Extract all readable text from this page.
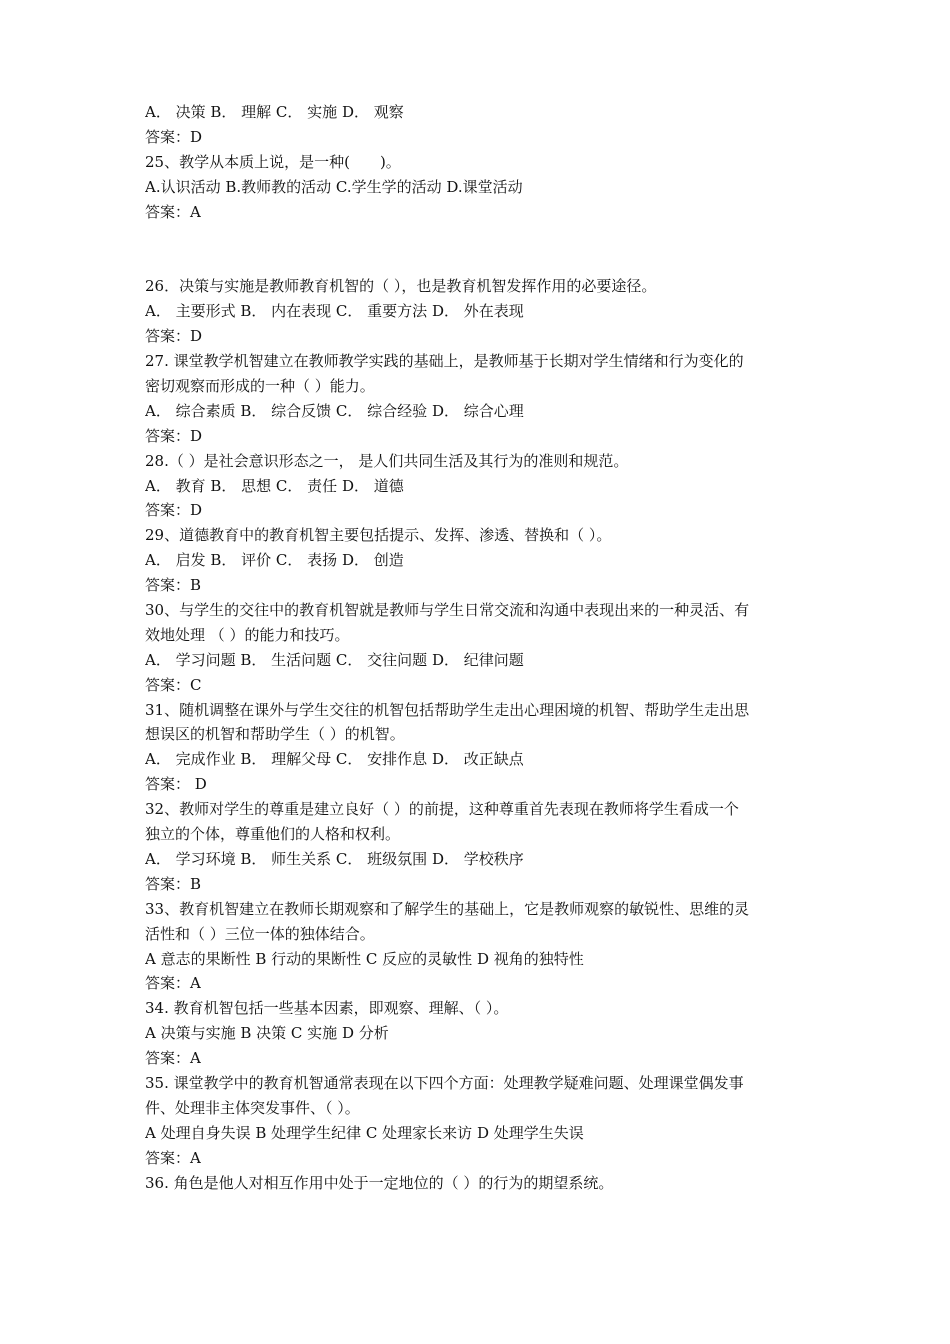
A． 决策 B． 理解 C． 实施 D． 观察
答案：D
25、教学从本质上说，是一种(　　)。
A.认识活动 B.教师教的活动 C.学生学的活动 D.课堂活动
答案：A
26．决策与实施是教师教育机智的（ ），也是教育机智发挥作用的必要途径。
A． 主要形式 B． 内在表现 C． 重要方法 D． 外在表现
答案：D
27. 课堂教学机智建立在教师教学实践的基础上，是教师基于长期对学生情绪和行为变化的
密切观察而形成的一种（ ）能力。
A． 综合素质 B． 综合反馈 C． 综合经验 D． 综合心理
答案：D
28.（ ）是社会意识形态之一， 是人们共同生活及其行为的准则和规范。
A． 教育 B． 思想 C． 责任 D． 道德
答案：D
29、道德教育中的教育机智主要包括提示、发挥、渗透、替换和（ ）。
A． 启发 B． 评价 C． 表扬 D． 创造
答案：B
30、与学生的交往中的教育机智就是教师与学生日常交流和沟通中表现出来的一种灵活、有
效地处理 （ ）的能力和技巧。
A． 学习问题 B． 生活问题 C． 交往问题 D． 纪律问题
答案：C
31、随机调整在课外与学生交往的机智包括帮助学生走出心理困境的机智、帮助学生走出思
想误区的机智和帮助学生（ ）的机智。
A． 完成作业 B． 理解父母 C． 安排作息 D． 改正缺点
答案： D
32、教师对学生的尊重是建立良好（ ）的前提，这种尊重首先表现在教师将学生看成一个
独立的个体，尊重他们的人格和权利。
A． 学习环境 B． 师生关系 C． 班级氛围 D． 学校秩序
答案：B
33、教育机智建立在教师长期观察和了解学生的基础上，它是教师观察的敏锐性、思维的灵
活性和（ ）三位一体的独体结合。
A 意志的果断性 B 行动的果断性 C 反应的灵敏性 D 视角的独特性
答案：A
34. 教育机智包括一些基本因素，即观察、理解、（ ）。
A 决策与实施 B 决策 C 实施 D 分析
答案：A
35. 课堂教学中的教育机智通常表现在以下四个方面：处理教学疑难问题、处理课堂偶发事
件、处理非主体突发事件、（ ）。
A 处理自身失误 B 处理学生纪律 C 处理家长来访 D 处理学生失误
答案：A
36. 角色是他人对相互作用中处于一定地位的（ ）的行为的期望系统。
